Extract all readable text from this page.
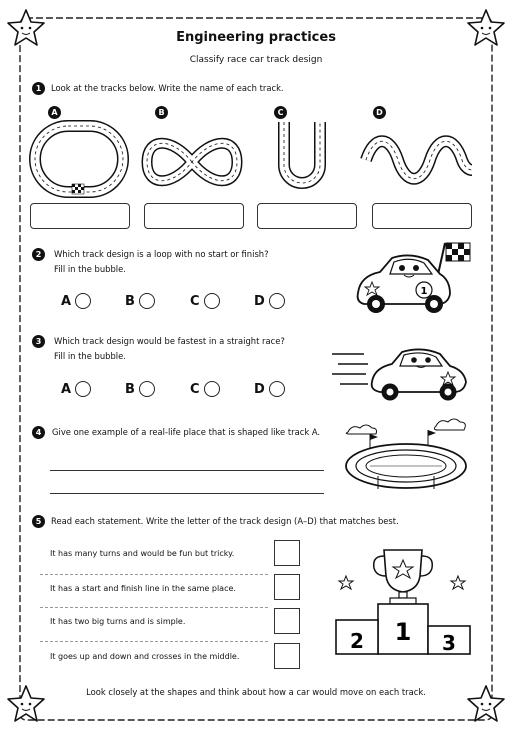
Engineering practices
Classify race car track design
1	Look at the tracks below. Write the name of each track.
A	B	C	D
2	Which track design is a loop with no start or finish?
Fill in the bubble.
A	B	C	D
1
3	Which track design would be fastest in a straight race?
Fill in the bubble.
A	B	C	D
4	Give one example of a real-life place that is shaped like track A.
5	Read each statement. Write the letter of the track design (A–D) that matches best.
It has many turns and would be fun but tricky.
It has a start and finish line in the same place.
It has two big turns and is simple.
It goes up and down and crosses in the middle.
1
2	3
Look closely at the shapes and think about how a car would move on each track.
